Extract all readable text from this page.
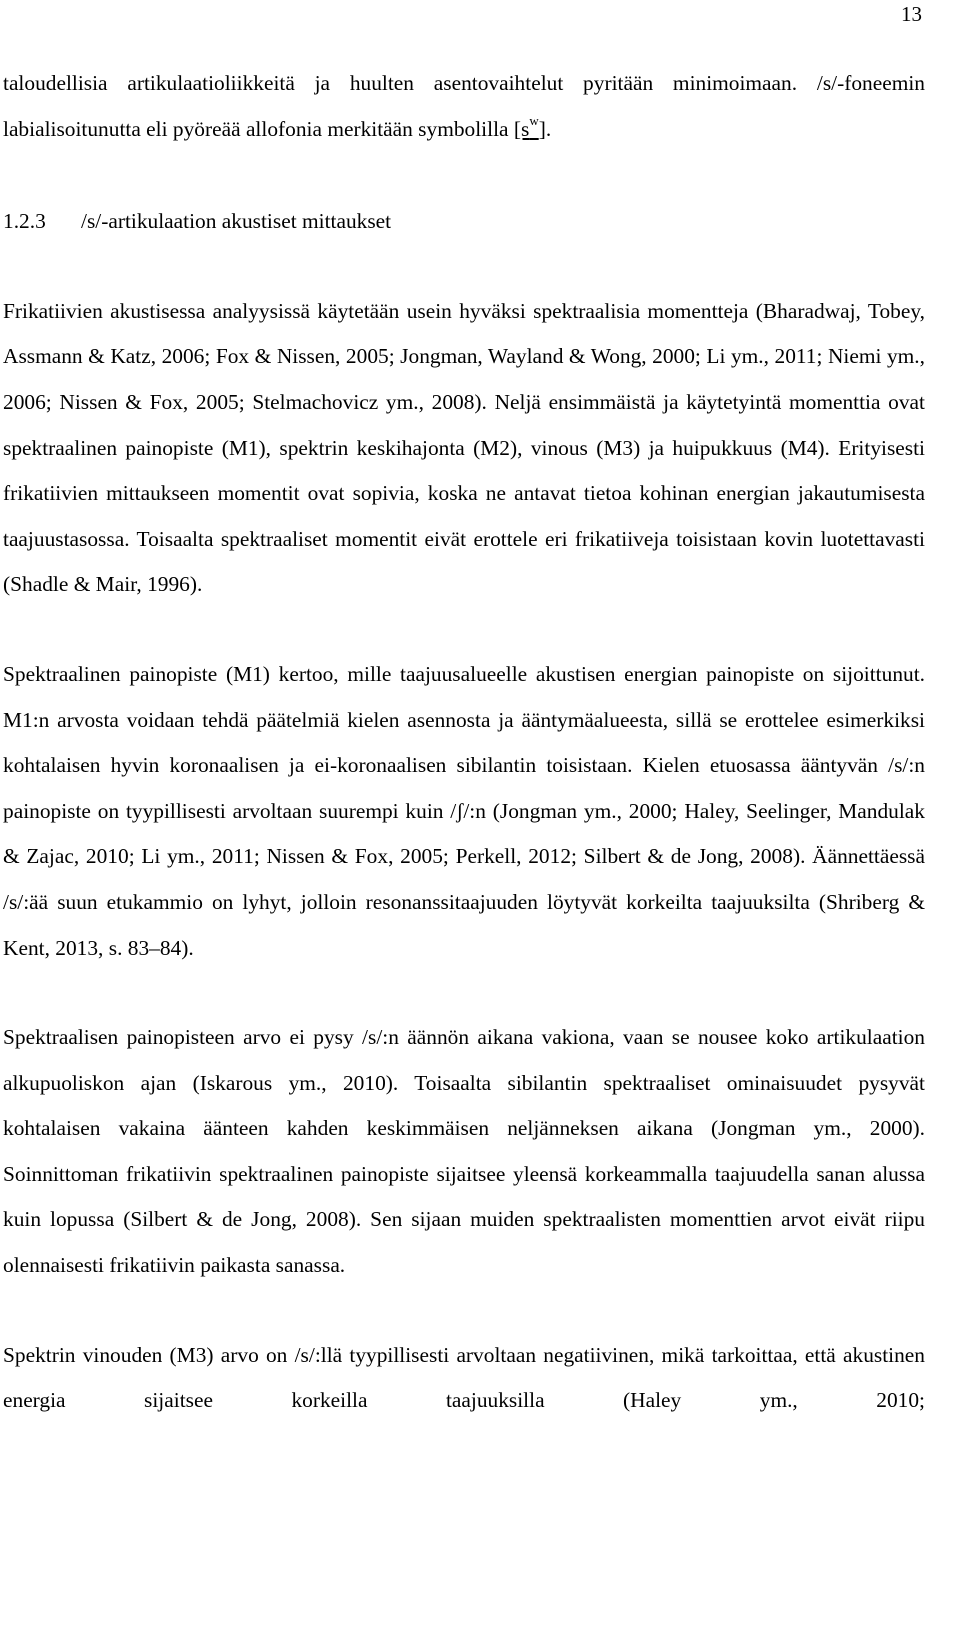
13

taloudellisia artikulaatioliikkeitä ja huulten asentovaihtelut pyritään minimoimaan. /s/-foneemin labialisoitunutta eli pyöreää allofonia merkitään symbolilla $[s^w]$.

1.2.3 /s/-artikulaation akustiset mittaukset

Frikatiivien akustisessa analyysissä käytetään usein hyväksi spektraalisia momentteja (Bharadwaj, Tobey, Assmann & Katz, 2006; Fox & Nissen, 2005; Jongman, Wayland & Wong, 2000; Li ym., 2011; Niemi ym., 2006; Nissen & Fox, 2005; Stelmachovicz ym., 2008). Neljä ensimmäistä ja käytetyintä momenttia ovat spektraalinen painopiste (M1), spektrin keskihajonta (M2), vinous (M3) ja huipukkuus (M4). Erityisesti frikatiivien mittaukseen momentit ovat sopivia, koska ne antavat tietoa kohinan energian jakautumisesta taajuustasossa. Toisaalta spektraaliset momentit eivät erottele eri frikatiiveja toisistaan kovin luotettavasti (Shadle & Mair, 1996).

Spektraalinen painopiste (M1) kertoo, mille taajuusalueelle akustisen energian painopiste on sijoittunut. M1:n arvosta voidaan tehdä päätelmiä kielen asennosta ja ääntymäalueesta, sillä se erottelee esimerkiksi kohtalaisen hyvin koronaalisen ja ei-koronaalisen sibilantin toisistaan. Kielen etuosassa ääntyvän /s/:n painopiste on tyypillisesti arvoltaan suurempi kuin /ʃ/:n (Jongman ym., 2000; Haley, Seelinger, Mandulak & Zajac, 2010; Li ym., 2011; Nissen & Fox, 2005; Perkell, 2012; Silbert & de Jong, 2008). Äännettäessä /s/:ää suun etukammio on lyhyt, jolloin resonanssitaajuuden löytyvät korkeilta taajuuksilta (Shriberg & Kent, 2013, s. 83–84).

Spektraalisen painopisteen arvo ei pysy /s/:n äännön aikana vakiona, vaan se nousee koko artikulaation alkupuoliskon ajan (Iskarous ym., 2010). Toisaalta sibilantin spektraaliset ominaisuudet pysyvät kohtalaisen vakaina äänteen kahden keskimmäisen neljänneksen aikana (Jongman ym., 2000). Soinnittoman frikatiivin spektraalinen painopiste sijaitsee yleensä korkeammalla taajuudella sanan alussa kuin lopussa (Silbert & de Jong, 2008). Sen sijaan muiden spektraalisten momenttien arvot eivät riipu olennaisesti frikatiivin paikasta sanassa.

Spektrin vinouden (M3) arvo on /s/:llä tyypillisesti arvoltaan negatiivinen, mikä tarkoittaa, että akustinen energia sijaitsee korkeilla taajuuksilla (Haley ym., 2010;
